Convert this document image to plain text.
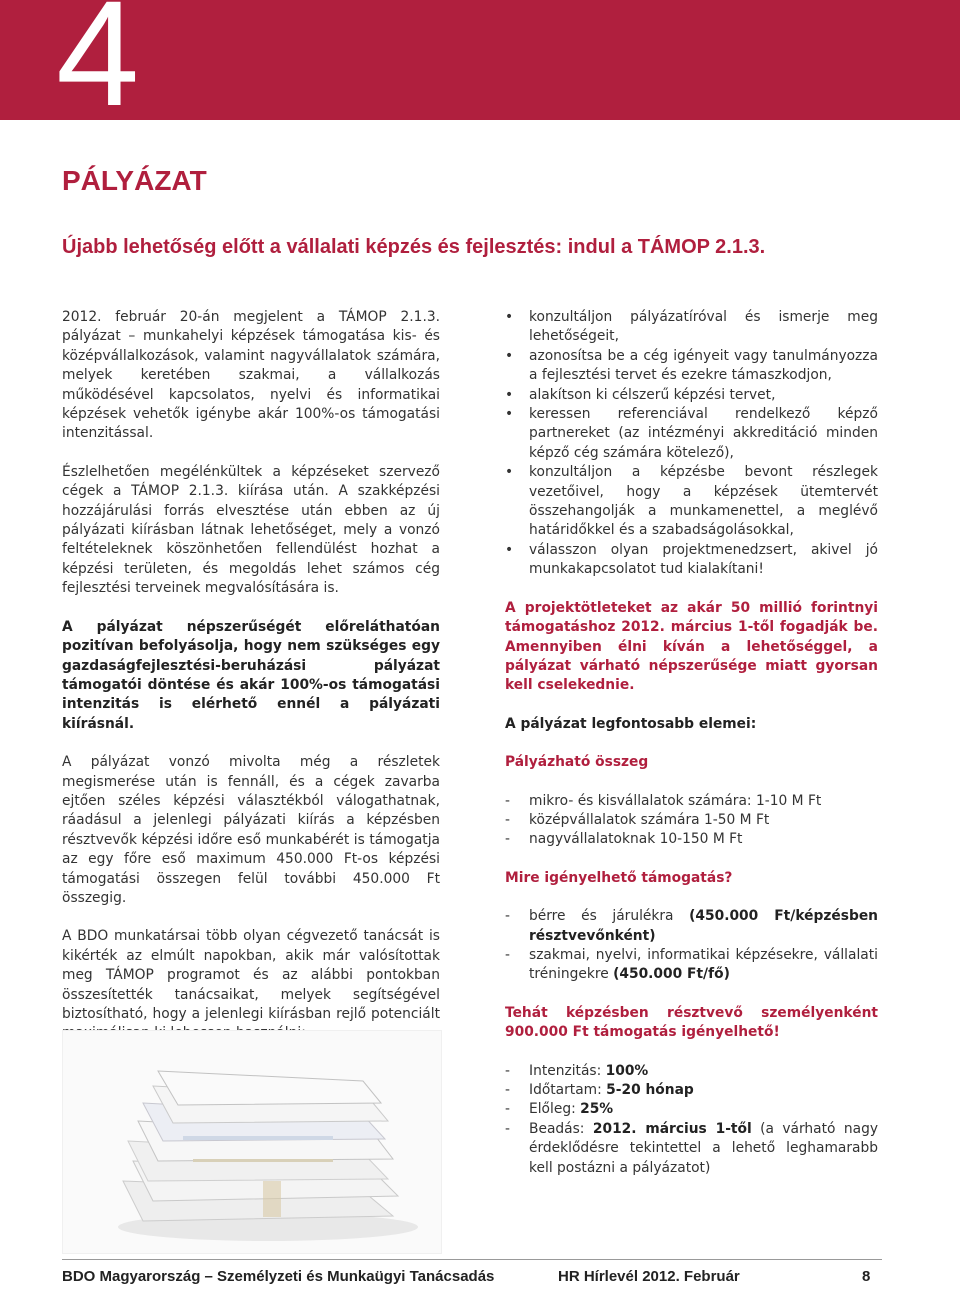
4
PÁLYÁZAT
Újabb lehetőség előtt a vállalati képzés és fejlesztés: indul a TÁMOP 2.1.3.

2012. február 20-án megjelent a TÁMOP 2.1.3. pályázat – munkahelyi képzések támogatása kis- és középvállalkozások, valamint nagyvállalatok számára, melyek keretében szakmai, a vállalkozás működésével kapcsolatos, nyelvi és informatikai képzések vehetők igénybe akár 100%-os támogatási intenzitással.

Észlelhetően megélénkültek a képzéseket szervező cégek a TÁMOP 2.1.3. kiírása után. A szakképzési hozzájárulási forrás elvesztése után ebben az új pályázati kiírásban látnak lehetőséget, mely a vonzó feltételeknek köszönhetően fellendülést hozhat a képzési területen, és megoldás lehet számos cég fejlesztési terveinek megvalósítására is.

A pályázat népszerűségét előreláthatóan pozitívan befolyásolja, hogy nem szükséges egy gazdaságfejlesztési-beruházási pályázat támogatói döntése és akár 100%-os támogatási intenzitás is elérhető ennél a pályázati kiírásnál.

A pályázat vonzó mivolta még a részletek megismerése után is fennáll, és a cégek zavarba ejtően széles képzési választékból válogathatnak, ráadásul a jelenlegi pályázati kiírás a képzésben résztvevők képzési időre eső munkabérét is támogatja az egy főre eső maximum 450.000 Ft-os képzési támogatási összegen felül további 450.000 Ft összegig.

A BDO munkatársai több olyan cégvezető tanácsát is kikérték az elmúlt napokban, akik már valósítottak meg TÁMOP programot és az alábbi pontokban összesítették tanácsaikat, melyek segítségével biztosítható, hogy a jelenlegi kiírásban rejlő potenciált

• konzultáljon pályázatíróval és ismerje meg lehetőségeit,
• azonosítsa be a cég igényeit vagy tanulmányozza a fejlesztési tervet és ezekre támaszkodjon,
• alakítson ki célszerű képzési tervet,
• keressen referenciával rendelkező képző partnereket (az intézményi akkreditáció minden képző cég számára kötelező),
• konzultáljon a képzésbe bevont részlegek vezetőivel, hogy a képzések ütemtervét összehangolják a munkamenettel, a meglévő határidőkkel és a szabadságolásokkal,
• válasszon olyan projektmenedzsert, akivel jó munkakapcsolatot tud kialakítani!

A projektötleteket az akár 50 millió forintnyi támogatáshoz 2012. március 1-től fogadják be. Amennyiben élni kíván a lehetőséggel, a pályázat várható népszerűsége miatt gyorsan kell cselekednie.

A pályázat legfontosabb elemei:

Pályázható összeg

- mikro- és kisvállalatok számára: 1-10 M Ft
- középvállalatok számára 1-50 M Ft
- nagyvállalatoknak 10-150 M Ft

Mire igényelhető támogatás?

- bérre és járulékra (450.000 Ft/képzésben résztvevőnként)
- szakmai, nyelvi, informatikai képzésekre, vállalati tréningekre (450.000 Ft/fő)

Tehát képzésben résztvevő személyenként 900.000 Ft támogatás igényelhető!

- Intenzitás: 100%
- Időtartam: 5-20 hónap
- Előleg: 25%
- Beadás: 2012. március 1-től (a várható nagy érdeklődésre tekintettel a lehető leghamarabb kell postázni a pályázatot)
BDO Magyarország – Személyzeti és Munkaügyi Tanácsadás	HR Hírlevél 2012. Február	8
